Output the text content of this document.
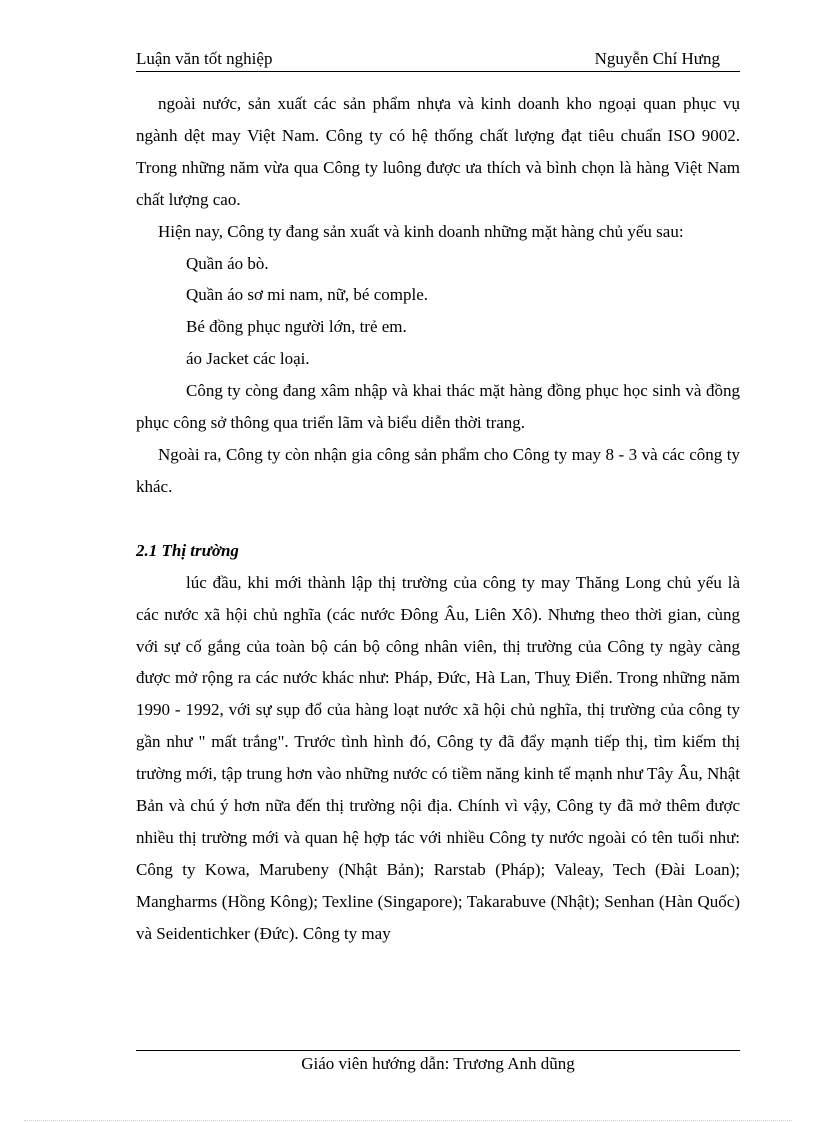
Luận văn tốt nghiệp	Nguyễn Chí Hưng

ngoài nước, sản xuất các sản phẩm nhựa và kinh doanh kho ngoại quan phục vụ ngành dệt may Việt Nam. Công ty có hệ thống chất lượng đạt tiêu chuẩn ISO 9002. Trong những năm vừa qua Công ty luông được ưa thích và bình chọn là hàng Việt Nam chất lượng cao.

Hiện nay, Công ty đang sản xuất và kinh doanh những mặt hàng chủ yếu sau:

Quần áo bò.

Quần áo sơ mi nam, nữ, bé comple.

Bé đồng phục người lớn, trẻ em.

áo Jacket các loại.

Công ty còng đang xâm nhập và khai thác mặt hàng đồng phục học sinh và đồng phục công sở thông qua triển lãm và biểu diễn thời trang.

Ngoài ra, Công ty còn nhận gia công sản phẩm cho Công ty may 8 - 3 và các công ty khác.

2.1 Thị trường

lúc đầu, khi mới thành lập thị trường của công ty may Thăng Long chủ yếu là các nước xã hội chủ nghĩa (các nước Đông Âu, Liên Xô). Nhưng theo thời gian, cùng với sự cố gắng của toàn bộ cán bộ công nhân viên, thị trường của Công ty ngày càng được mở rộng ra các nước khác như: Pháp, Đức, Hà Lan, Thuỵ Điển. Trong những năm 1990 - 1992, với sự sụp đổ của hàng loạt nước xã hội chủ nghĩa, thị trường của công ty gần như " mất trắng". Trước tình hình đó, Công ty đã đẩy mạnh tiếp thị, tìm kiếm thị trường mới, tập trung hơn vào những nước có tiềm năng kinh tế mạnh như Tây Âu, Nhật Bản và chú ý hơn nữa đến thị trường nội địa. Chính vì vậy, Công ty đã mở thêm được nhiều thị trường mới và quan hệ hợp tác với nhiều Công ty nước ngoài có tên tuổi như: Công ty Kowa, Marubeny (Nhật Bản); Rarstab (Pháp); Valeay, Tech (Đài Loan); Mangharms (Hồng Kông); Texline (Singapore); Takarabuve (Nhật); Senhan (Hàn Quốc) và Seidentichker (Đức). Công ty may

Giáo viên hướng dẫn: Trương Anh dũng
